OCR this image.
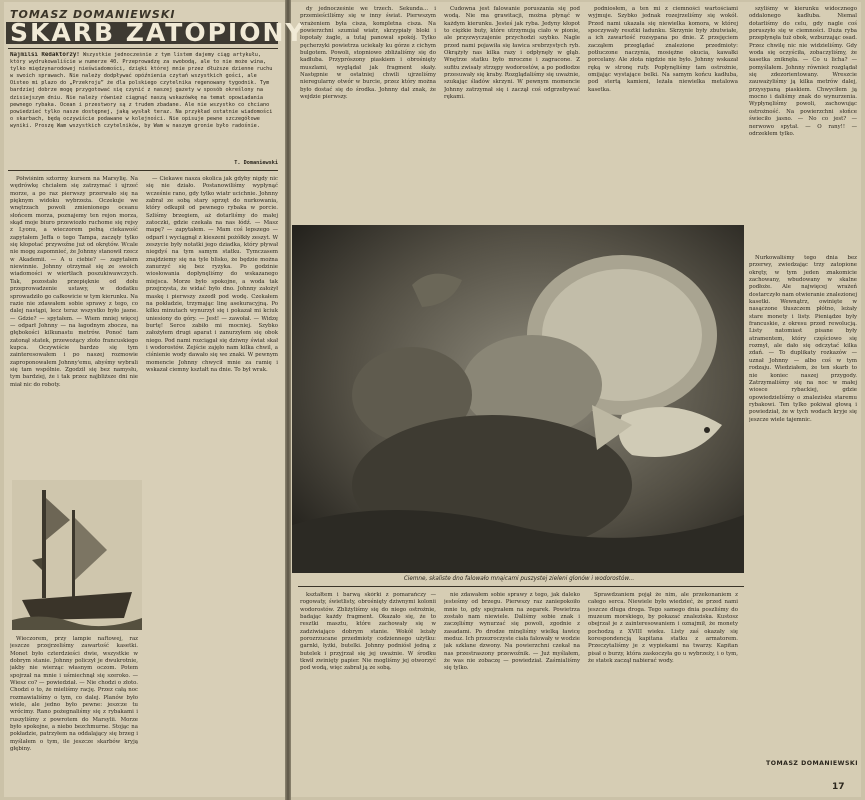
TOMASZ DOMANIEWSKI
SKARB ZATOPIONY
Najmilsi Redaktorzy! Wszystkie jednocześnie z tym listem dajemy ciąg artykułu, który wydrukowaliście w numerze 40. Przeprowadzę za swobodą, ale to nie może wina, tylko międzynarodowej nieświadomości, dzięki której mnie przez dłuższe dzienne ruchu w swoich sprawach. Nie należy dodpływać opóźnienia czytań wszystkich gości, ale Oisteo mi plazo do „Przekroju” że dla polskiego czytelnika regenowany tygodnik. Tym bardziej dobrze mogę przygotować się czynić z naszej gazety w sposób określony na dzisiejszym dniu. Nie należy również ciągnąć naszą wskazówkę na temat opowiadania pewnego rybaka. Ocean i przestwory są z trudem zbadane. Ale nie wszystko co chciano powiedzieć tylko nasze dostępnej, jaką wysłał teraz. Na przykład ostatnie wiadomości o skarbach, będą oczywiście podawane w kolejności. Nie opisuje pewne szczegółowe wyniki. Proszę Wam wszystkich czytelników, by Wam w naszym gronie było radośnie.
T. Domaniewski

Półwiśnim sztormy kursem na Marsylię. Na wędrówkę chciałem się zatrzymać i ujrzeć morze, a po raz pierwszy przerwało się na pięknym widoku wybrzeża. Oczekuje we wnętrzach powoli zmienionego oceanu słońcem morza, poznajemy ten rejon morza, skąd moje biuro przewiozło ruchome się rejsy z Lyonu, a wieczorem pełną ciekawość zapytałem Jeffa o tego Tampa, zaczęły tylko się kłopotać przywoźne już od okrętów. Wcale nie mogę zapomnieć, że Johnny stanowił rzecz w Akademii. — A u ciebie? — zapytałem niewinnie. Johnny otrzymał się ze swoich wiadomości w wiertłach poszukiwawczych. Tak, pozostało przepięknie od dołu przeprowadzenie ustawy, w dodatku sprowadziło go całkowicie w tym kierunku. Na razie nie zdawałem sobie sprawy z tego, co dalej nastąpi, lecz teraz wszystko było jasne. — Gdzie? — spytałem. — Wiem mniej więcej — odparł Johnny — na łagodnym zboczu, na głębokości kilkunastu metrów. Ponoć tam zatonął statek, przewożący złoto francuskiego kupca. Oczywiście bardzo się tym zainteresowałem i po naszej rozmowie zaproponowałem Johnny'emu, abyśmy wybrali się tam wspólnie. Zgodził się bez namysłu, tym bardziej, że i tak przez najbliższe dni nie miał nic do roboty.

— Ciekawe nasza okolica jak gdyby nigdy nic się nie działo. Postanowiliśmy wypłynąć wcześnie rano, gdy tylko wiatr ucichnie. Johnny zabrał ze sobą stary sprzęt do nurkowania, który odkupił od pewnego rybaka w porcie. Szliśmy brzegiem, aż dotarliśmy do małej zatoczki, gdzie czekała na nas łódź. — Masz mapę? — zapytałem. — Mam coś lepszego — odparł i wyciągnął z kieszeni pożółkły zeszyt. W zeszycie były notatki jego dziadka, który pływał niegdyś na tym samym statku. Tymczasem znajdziemy się na tyle blisko, że będzie można zanurzyć się bez ryzyka. Po godzinie wiosłowania dopłynęliśmy do wskazanego miejsca. Morze było spokojne, a woda tak przejrzysta, że widać było dno. Johnny założył maskę i pierwszy zszedł pod wodę. Czekałem na pokładzie, trzymając linę asekuracyjną. Po kilku minutach wynurzył się i pokazał mi kciuk uniesiony do góry. — Jest! — zawołał. — Widzę burtę! Serce zabiło mi mocniej. Szybko założyłem drugi aparat i zanurzyłem się obok niego. Pod nami rozciągał się dziwny świat skał i wodorostów. Zejście zajęło nam kilka chwil, a ciśnienie wody dawało się we znaki. W pewnym momencie Johnny chwycił mnie za ramię i wskazał ciemny kształt na dnie. To był wrak.

Wieczorem, przy lampie naftowej, raz jeszcze przejrzeliśmy zawartość kasetki. Monet było czterdzieści dwie, wszystkie w dobrym stanie. Johnny policzył je dwukrotnie, jakby nie wierząc własnym oczom. Potem spojrzał na mnie i uśmiechnął się szeroko. — Wiesz co? — powiedział. — Nie chodzi o złoto. Chodzi o to, że mieliśmy rację. Przez całą noc rozmawialiśmy o tym, co dalej. Planów było wiele, ale jedno było pewne: jeszcze tu wrócimy. Rano pożegnaliśmy się z rybakami i ruszyliśmy z powrotem do Marsylii. Morze było spokojne, a niebo bezchmurne. Stojąc na pokładzie, patrzyłem na oddalający się brzeg i myślałem o tym, ile jeszcze skarbów kryją głębiny.

dy jednocześnie we trzech. Sekunda... i przemieściliśmy się w inny świat. Pierwszym wrażeniem była cisza, kompletna cisza. Na powierzchni szumiał wiatr, skrzypiały bloki i łopotały żagle, a tutaj panował spokój. Tylko pęcherzyki powietrza uciekały ku górze z cichym bulgotem. Powoli, stopniowo zbliżaliśmy się do kadłuba. Przyprószony piaskiem i obrośnięty muszlami, wyglądał jak fragment skały. Następnie w ostatniej chwili ujrzeliśmy nieregularny otwór w burcie, przez który można było dostać się do środka. Johnny dał znak, że wejdzie pierwszy.

Cudowna jest falowanie poruszania się pod wodą. Nie ma grawitacji, można płynąć w każdym kierunku. Jesteś jak ryba. Jedyny kłopot to ciężkie buty, które utrzymują ciało w pionie, ale przyzwyczajenie przychodzi szybko. Nagle przed nami pojawiła się ławica srebrzystych ryb. Okrążyły nas kilka razy i odpłynęły w głąb. Wnętrze statku było mroczne i zagracone. Z sufitu zwisały strzępy wodorostów, a po podłodze przesuwały się kraby. Rozglądaliśmy się uważnie, szukając śladów skrzyni. W pewnym momencie Johnny zatrzymał się i zaczął coś odgrzebywać rękami.

podniosłem, a ten mi z ciemności wartościami wyjmuje. Szybko jednak rozejrzeliśmy się wokół. Przed nami ukazała się niewielka komora, w której spoczywały resztki ładunku. Skrzynie były zbutwiałe, a ich zawartość rozsypana po dnie. Z przejęciem zacząłem przeglądać znalezione przedmioty: potłuczone naczynia, mosiężne okucia, kawałki porcelany. Ale złota nigdzie nie było. Johnny wskazał ręką w stronę rufy. Popłynęliśmy tam ostrożnie, omijając wystające belki. Na samym końcu kadłuba, pod stertą kamieni, leżała niewielka metalowa kasetka.

szyliśmy w kierunku widocznego oddalonego kadłuba. Niemal dotarliśmy do celu, gdy nagle coś poruszyło się w ciemności. Duża ryba przepłynęła tuż obok, wzburzając osad. Przez chwilę nic nie widzieliśmy. Gdy woda się oczyściła, zobaczyliśmy, że kasetka zniknęła. — Co u licha? — pomyślałem. Johnny również rozglądał się zdezorientowany. Wreszcie zauważyliśmy ją kilka metrów dalej, przysypaną piaskiem. Chwyciłem ją mocno i daliśmy znak do wynurzenia. Wypłynęliśmy powoli, zachowując ostrożność. Na powierzchni słońce świeciło jasno. — No co jest? — nerwowo spytał. — O rany!! — odrzekłem tylko.

Nurkowaliśmy tego dnia bez przerwy, zwiedzając trzy zatopione okręty, w tym jeden znakomicie zachowany, wbudowany w skalne podłoże. Ale najwięcej wrażeń dostarczyło nam otwieranie znalezionej kasetki. Wewnątrz, owinięte w nasączone tłuszczem płótno, leżały stare monety i listy. Pieniądze były francuskie, z okresu przed rewolucją. Listy natomiast pisane były atramentem, który częściowo się rozmył, ale dało się odczytać kilka zdań. — To duplikaty rozkazów — uznał Johnny — albo coś w tym rodzaju. Wiedziałem, że ten skarb to nie koniec naszej przygody. Zatrzymaliśmy się na noc w małej wiosce rybackiej, gdzie opowiedzieliśmy o znalezisku staremu rybakowi. Ten tylko pokiwał głową i powiedział, że w tych wodach kryje się jeszcze wiele tajemnic.

Ciemne, skaliste dno falowało mnąicami puszystej zieleni glonów i wodorostów...

kształtem i barwą skórki z pomarańczy — rogowaty, świetlisty, obrośnięty dziwnymi kolonii wodorostów. Zbliżyliśmy się do niego ostrożnie, badając każdy fragment. Okazało się, że to resztki masztu, które zachowały się w zadziwiająco dobrym stanie. Wokół leżały porozrzucane przedmioty codziennego użytku: garnki, łyżki, butelki. Johnny podniósł jedną z butelek i przyjrzał się jej uważnie. W środku tkwił zwinięty papier. Nie mogliśmy jej otworzyć pod wodą, więc zabrał ją ze sobą.

nie zdawałem sobie sprawy z tego, jak daleko jesteśmy od brzegu. Pierwszy raz zaniepokoiło mnie to, gdy spojrzałem na zegarek. Powietrza zostało nam niewiele. Daliśmy sobie znak i zaczęliśmy wynurzać się powoli, zgodnie z zasadami. Po drodze minęliśmy wielką ławicę meduz. Ich przezroczyste ciała falowały w wodzie jak szklane dzwony. Na powierzchni czekał na nas przestraszony przewoźnik. — Już myślałem, że was nie zobaczę — powiedział. Zaśmialiśmy się tylko.

Sprawdzaniem pojął że nim, ale przekonaniem z całego serca. Niewiele było wiedzieć, że przed nami jeszcze długa droga. Tego samego dnia poszliśmy do muzeum morskiego, by pokazać znaleziska. Kustosz obejrzał je z zainteresowaniem i oznajmił, że monety pochodzą z XVIII wieku. Listy zaś okazały się korespondencją kapitana statku z armatorem. Przeczytaliśmy je z wypiekami na twarzy. Kapitan pisał o burzy, która zaskoczyła go u wybrzeży, i o tym, że statek zaczął nabierać wody.

TOMASZ DOMANIEWSKI
17
